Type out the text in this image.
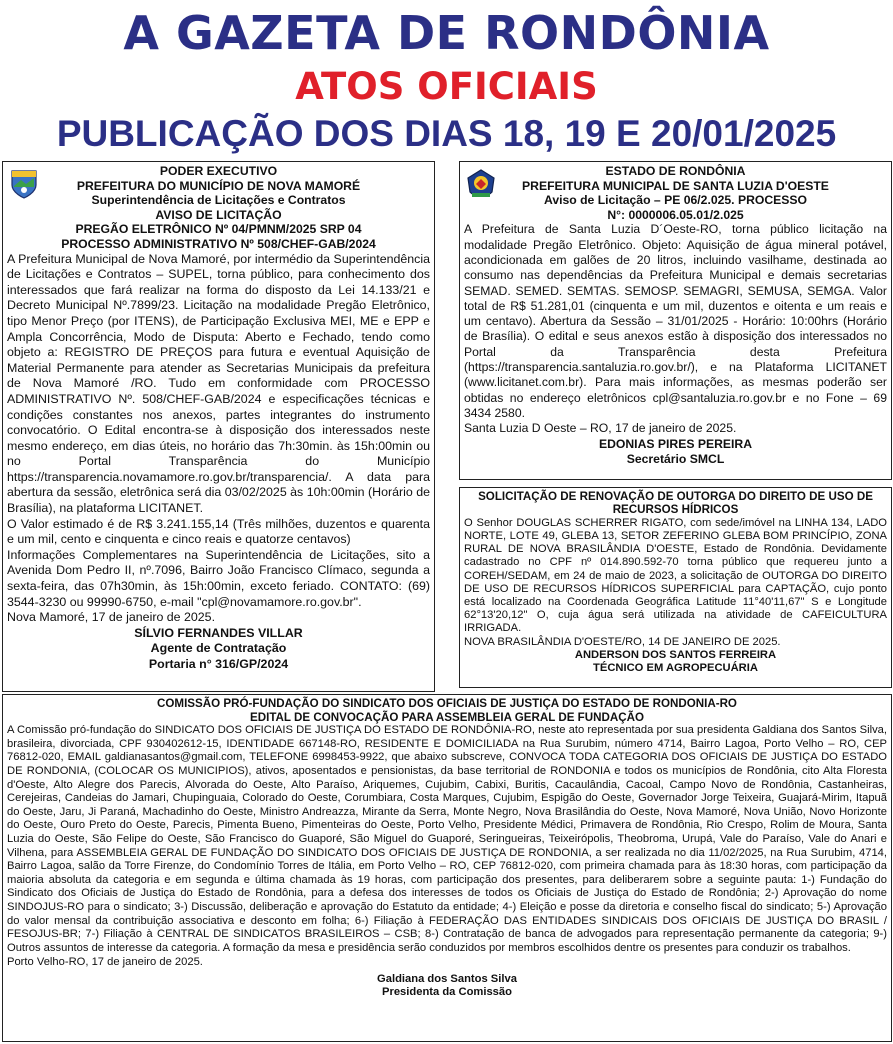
A GAZETA DE RONDÔNIA
ATOS OFICIAIS
PUBLICAÇÃO DOS DIAS 18, 19 E 20/01/2025
PODER EXECUTIVO
PREFEITURA DO MUNICÍPIO DE NOVA MAMORÉ
Superintendência de Licitações e Contratos
AVISO DE LICITAÇÃO
PREGÃO ELETRÔNICO Nº 04/PMNM/2025 SRP 04
PROCESSO ADMINISTRATIVO Nº 508/CHEF-GAB/2024

A Prefeitura Municipal de Nova Mamoré, por intermédio da Superintendência de Licitações e Contratos – SUPEL, torna público, para conhecimento dos interessados que fará realizar na forma do disposto da Lei 14.133/21 e Decreto Municipal Nº.7899/23. Licitação na modalidade Pregão Eletrônico, tipo Menor Preço (por ITENS), de Participação Exclusiva MEI, ME e EPP e Ampla Concorrência, Modo de Disputa: Aberto e Fechado, tendo como objeto a: REGISTRO DE PREÇOS para futura e eventual Aquisição de Material Permanente para atender as Secretarias Municipais da prefeitura de Nova Mamoré /RO. Tudo em conformidade com PROCESSO ADMINISTRATIVO Nº. 508/CHEF-GAB/2024 e especificações técnicas e condições constantes nos anexos, partes integrantes do instrumento convocatório. O Edital encontra-se à disposição dos interessados neste mesmo endereço, em dias úteis, no horário das 7h:30min. às 15h:00min ou no Portal Transparência do Município https://transparencia.novamamore.ro.gov.br/transparencia/. A data para abertura da sessão, eletrônica será dia 03/02/2025 às 10h:00min (Horário de Brasília), na plataforma LICITANET.

O Valor estimado é de R$ 3.241.155,14 (Três milhões, duzentos e quarenta e um mil, cento e cinquenta e cinco reais e quatorze centavos)

Informações Complementares na Superintendência de Licitações, sito a Avenida Dom Pedro II, nº.7096, Bairro João Francisco Clímaco, segunda a sexta-feira, das 07h30min, às 15h:00min, exceto feriado. CONTATO: (69) 3544-3230 ou 99990-6750, e-mail "cpl@novamamore.ro.gov.br".

Nova Mamoré, 17 de janeiro de 2025.

SÍLVIO FERNANDES VILLAR
Agente de Contratação
Portaria n° 316/GP/2024
ESTADO DE RONDÔNIA
PREFEITURA MUNICIPAL DE SANTA LUZIA D'OESTE
Aviso de Licitação – PE 06/2.025. PROCESSO
N°: 0000006.05.01/2.025

A Prefeitura de Santa Luzia D´Oeste-RO, torna público licitação na modalidade Pregão Eletrônico. Objeto: Aquisição de água mineral potável, acondicionada em galões de 20 litros, incluindo vasilhame, destinada ao consumo nas dependências da Prefeitura Municipal e demais secretarias SEMAD. SEMED. SEMTAS. SEMOSP. SEMAGRI, SEMUSA, SEMGA. Valor total de R$ 51.281,01 (cinquenta e um mil, duzentos e oitenta e um reais e um centavo). Abertura da Sessão – 31/01/2025 - Horário: 10:00hrs (Horário de Brasília). O edital e seus anexos estão à disposição dos interessados no Portal da Transparência desta Prefeitura (https://transparencia.santaluzia.ro.gov.br/), e na Plataforma LICITANET (www.licitanet.com.br). Para mais informações, as mesmas poderão ser obtidas no endereço eletrônicos cpl@santaluzia.ro.gov.br e no Fone – 69 3434 2580.

Santa Luzia D Oeste – RO, 17 de janeiro de 2025.

EDONIAS PIRES PEREIRA
Secretário SMCL
SOLICITAÇÃO DE RENOVAÇÃO DE OUTORGA DO DIREITO DE USO DE
RECURSOS HÍDRICOS

O Senhor DOUGLAS SCHERRER RIGATO, com sede/imóvel na LINHA 134, LADO NORTE, LOTE 49, GLEBA 13, SETOR ZEFERINO GLEBA BOM PRINCÍPIO, ZONA RURAL DE NOVA BRASILÂNDIA D'OESTE, Estado de Rondônia. Devidamente cadastrado no CPF nº 014.890.592-70 torna público que requereu junto a COREH/SEDAM, em 24 de maio de 2023, a solicitação de OUTORGA DO DIREITO DE USO DE RECURSOS HÍDRICOS SUPERFICIAL para CAPTAÇÃO, cujo ponto está localizado na Coordenada Geográfica Latitude 11°40'11,67" S e Longitude 62°13'20,12" O, cuja água será utilizada na atividade de CAFEICULTURA IRRIGADA.

NOVA BRASILÂNDIA D'OESTE/RO, 14 DE JANEIRO DE 2025.

ANDERSON DOS SANTOS FERREIRA
TÉCNICO EM AGROPECUÁRIA
COMISSÃO PRÓ-FUNDAÇÃO DO SINDICATO DOS OFICIAIS DE JUSTIÇA DO ESTADO DE RONDONIA-RO
EDITAL DE CONVOCAÇÃO PARA ASSEMBLEIA GERAL DE FUNDAÇÃO

A Comissão pró-fundação do SINDICATO DOS OFICIAIS DE JUSTIÇA DO ESTADO DE RONDÔNIA-RO, neste ato representada por sua presidenta Galdiana dos Santos Silva, brasileira, divorciada, CPF 930402612-15, IDENTIDADE 667148-RO, RESIDENTE E DOMICILIADA na Rua Surubim, número 4714, Bairro Lagoa, Porto Velho – RO, CEP 76812-020, EMAIL galdianasantos@gmail.com, TELEFONE 6998453-9922, que abaixo subscreve, CONVOCA TODA CATEGORIA DOS OFICIAIS DE JUSTIÇA DO ESTADO DE RONDONIA, (COLOCAR OS MUNICIPIOS), ativos, aposentados e pensionistas, da base territorial de RONDONIA e todos os municípios de Rondônia, cito Alta Floresta d'Oeste, Alto Alegre dos Parecis, Alvorada do Oeste, Alto Paraíso, Ariquemes, Cujubim, Cabixi, Buritis, Cacaulândia, Cacoal, Campo Novo de Rondônia, Castanheiras, Cerejeiras, Candeias do Jamari, Chupinguaia, Colorado do Oeste, Corumbiara, Costa Marques, Cujubim, Espigão do Oeste, Governador Jorge Teixeira, Guajará-Mirim, Itapuã do Oeste, Jaru, Ji Paraná, Machadinho do Oeste, Ministro Andreazza, Mirante da Serra, Monte Negro, Nova Brasilândia do Oeste, Nova Mamoré, Nova União, Novo Horizonte do Oeste, Ouro Preto do Oeste, Parecis, Pimenta Bueno, Pimenteiras do Oeste, Porto Velho, Presidente Médici, Primavera de Rondônia, Rio Crespo, Rolim de Moura, Santa Luzia do Oeste, São Felipe do Oeste, São Francisco do Guaporé, São Miguel do Guaporé, Seringueiras, Teixeirópolis, Theobroma, Urupá, Vale do Paraíso, Vale do Anari e Vilhena, para ASSEMBLEIA GERAL DE FUNDAÇÃO DO SINDICATO DOS OFICIAIS DE JUSTIÇA DE RONDONIA, a ser realizada no dia 11/02/2025, na Rua Surubim, 4714, Bairro Lagoa, salão da Torre Firenze, do Condomínio Torres de Itália, em Porto Velho – RO, CEP 76812-020, com primeira chamada para às 18:30 horas, com participação da maioria absoluta da categoria e em segunda e última chamada às 19 horas, com participação dos presentes, para deliberarem sobre a seguinte pauta: 1-) Fundação do Sindicato dos Oficiais de Justiça do Estado de Rondônia, para a defesa dos interesses de todos os Oficiais de Justiça do Estado de Rondônia; 2-) Aprovação do nome SINDOJUS-RO para o sindicato; 3-) Discussão, deliberação e aprovação do Estatuto da entidade; 4-) Eleição e posse da diretoria e conselho fiscal do sindicato; 5-) Aprovação do valor mensal da contribuição associativa e desconto em folha; 6-) Filiação à FEDERAÇÃO DAS ENTIDADES SINDICAIS DOS OFICIAIS DE JUSTIÇA DO BRASIL / FESOJUS-BR; 7-) Filiação à CENTRAL DE SINDICATOS BRASILEIROS – CSB; 8-) Contratação de banca de advogados para representação permanente da categoria; 9-) Outros assuntos de interesse da categoria. A formação da mesa e presidência serão conduzidos por membros escolhidos dentre os presentes para conduzir os trabalhos.

Porto Velho-RO, 17 de janeiro de 2025.

Galdiana dos Santos Silva
Presidenta da Comissão
